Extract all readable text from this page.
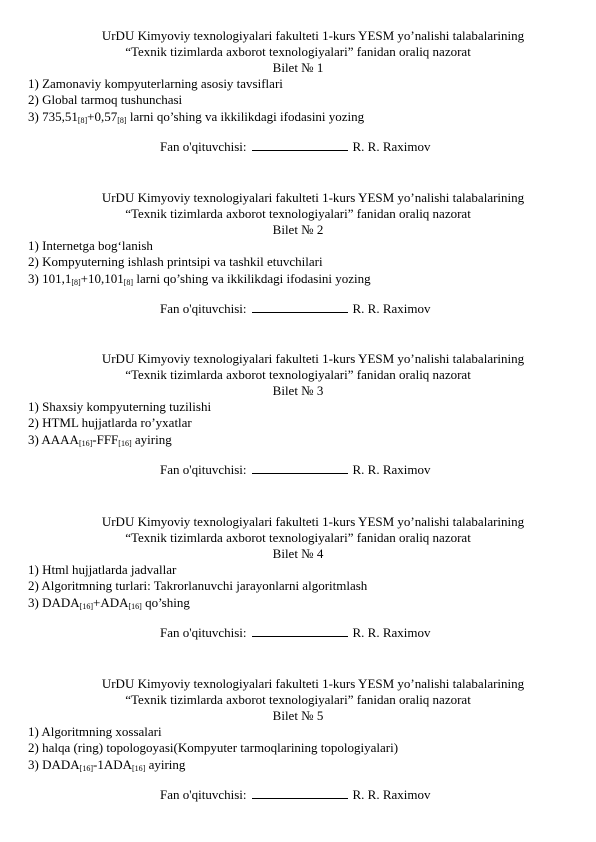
UrDU Kimyoviy texnologiyalari fakulteti 1-kurs YESM yo’nalishi talabalarining
“Texnik tizimlarda axborot texnologiyalari” fanidan oraliq nazorat
Bilet № 1
1) Zamonaviy kompyuterlarning asosiy tavsiflari
2) Global tarmoq tushunchasi
3) $735,51_{[8]}+0,57_{[8]}$ larni qo’shing va ikkilikdagi ifodasini yozing
Fan o'qituvchisi:	R. R. Raximov
UrDU Kimyoviy texnologiyalari fakulteti 1-kurs YESM yo’nalishi talabalarining
“Texnik tizimlarda axborot texnologiyalari” fanidan oraliq nazorat
Bilet № 2
1) Internetga bog‘lanish
2) Kompyuterning ishlash printsipi va tashkil etuvchilari
3) $101,1_{[8]}+10,101_{[8]}$ larni qo’shing va ikkilikdagi ifodasini yozing
Fan o'qituvchisi:	R. R. Raximov
UrDU Kimyoviy texnologiyalari fakulteti 1-kurs YESM yo’nalishi talabalarining
“Texnik tizimlarda axborot texnologiyalari” fanidan oraliq nazorat
Bilet № 3
1) Shaxsiy kompyuterning tuzilishi
2) HTML hujjatlarda ro’yxatlar
3) $AAAA_{[16]}-FFF_{[16]}$ ayiring
Fan o'qituvchisi:	R. R. Raximov
UrDU Kimyoviy texnologiyalari fakulteti 1-kurs YESM yo’nalishi talabalarining
“Texnik tizimlarda axborot texnologiyalari” fanidan oraliq nazorat
Bilet № 4
1) Html hujjatlarda jadvallar
2) Algoritmning turlari: Takrorlanuvchi jarayonlarni algoritmlash
3) $DADA_{[16]}+ADA_{[16]}$ qo’shing
Fan o'qituvchisi:	R. R. Raximov
UrDU Kimyoviy texnologiyalari fakulteti 1-kurs YESM yo’nalishi talabalarining
“Texnik tizimlarda axborot texnologiyalari” fanidan oraliq nazorat
Bilet № 5
1) Algoritmning xossalari
2) halqa (ring) topologoyasi(Kompyuter tarmoqlarining topologiyalari)
3) $DADA_{[16]}-1ADA_{[16]}$ ayiring
Fan o'qituvchisi:	R. R. Raximov
